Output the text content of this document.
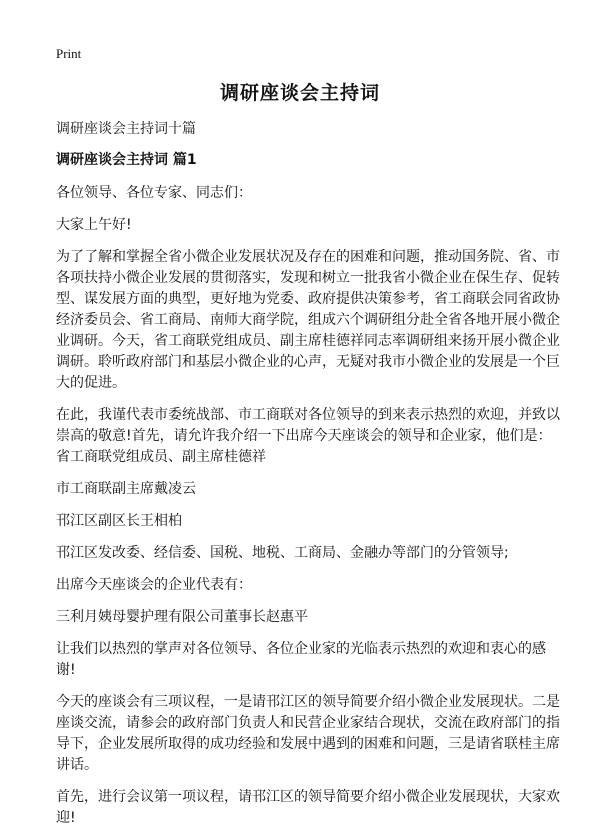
Print
调研座谈会主持词

调研座谈会主持词十篇

调研座谈会主持词 篇1

各位领导、各位专家、同志们：

大家上午好!

为了了解和掌握全省小微企业发展状况及存在的困难和问题，推动国务院、省、市各项扶持小微企业发展的贯彻落实，发现和树立一批我省小微企业在保生存、促转型、谋发展方面的典型，更好地为党委、政府提供决策参考，省工商联会同省政协经济委员会、省工商局、南师大商学院，组成六个调研组分赴全省各地开展小微企业调研。今天，省工商联党组成员、副主席桂德祥同志率调研组来扬开展小微企业调研。聆听政府部门和基层小微企业的心声，无疑对我市小微企业的发展是一个巨大的促进。

在此，我谨代表市委统战部、市工商联对各位领导的到来表示热烈的欢迎，并致以崇高的敬意!首先，请允许我介绍一下出席今天座谈会的领导和企业家，他们是：

省工商联党组成员、副主席桂德祥

市工商联副主席戴凌云

邗江区副区长王相柏

邗江区发改委、经信委、国税、地税、工商局、金融办等部门的分管领导;

出席今天座谈会的企业代表有：

三利月姨母婴护理有限公司董事长赵惠平

让我们以热烈的掌声对各位领导、各位企业家的光临表示热烈的欢迎和衷心的感谢!

今天的座谈会有三项议程，一是请邗江区的领导简要介绍小微企业发展现状。二是座谈交流，请参会的政府部门负责人和民营企业家结合现状，交流在政府部门的指导下，企业发展所取得的成功经验和发展中遇到的困难和问题，三是请省联桂主席讲话。

首先，进行会议第一项议程，请邗江区的领导简要介绍小微企业发展现状，大家欢迎!
